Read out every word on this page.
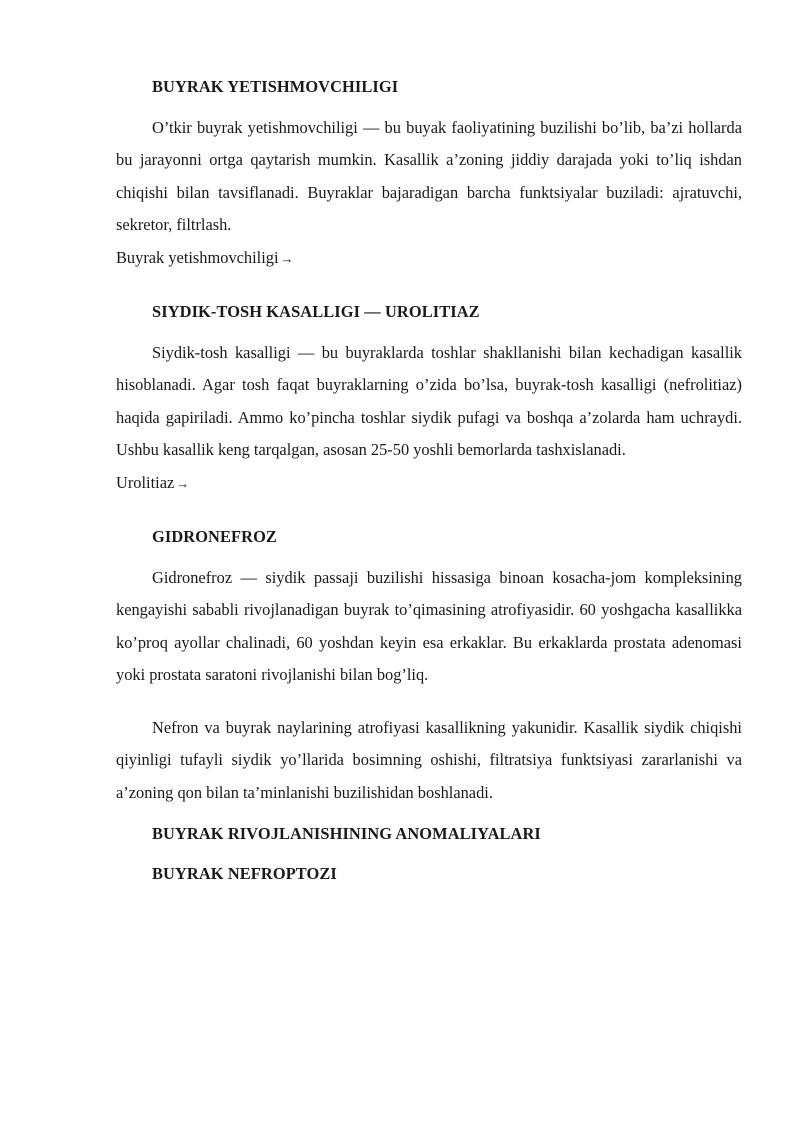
BUYRAK YETISHMOVCHILIGI

O’tkir buyrak yetishmovchiligi — bu buyak faoliyatining buzilishi bo’lib, ba’zi hollarda bu jarayonni ortga qaytarish mumkin. Kasallik a’zoning jiddiy darajada yoki to’liq ishdan chiqishi bilan tavsiflanadi. Buyraklar bajaradigan barcha funktsiyalar buziladi: ajratuvchi, sekretor, filtrlash.

Buyrak yetishmovchiligi →
SIYDIK-TOSH KASALLIGI — UROLITIAZ

Siydik-tosh kasalligi — bu buyraklarda toshlar shakllanishi bilan kechadigan kasallik hisoblanadi. Agar tosh faqat buyraklarning o’zida bo’lsa, buyrak-tosh kasalligi (nefrolitiaz) haqida gapiriladi. Ammo ko’pincha toshlar siydik pufagi va boshqa a’zolarda ham uchraydi. Ushbu kasallik keng tarqalgan, asosan 25-50 yoshli bemorlarda tashxislanadi.

Urolitiaz →
GIDRONEFROZ

Gidronefroz — siydik passaji buzilishi hissasiga binoan kosacha-jom kompleksining kengayishi sababli rivojlanadigan buyrak to’qimasining atrofiyasidir. 60 yoshgacha kasallikka ko’proq ayollar chalinadi, 60 yoshdan keyin esa erkaklar. Bu erkaklarda prostata adenomasi yoki prostata saratoni rivojlanishi bilan bog’liq.

Nefron va buyrak naylarining atrofiyasi kasallikning yakunidir. Kasallik siydik chiqishi qiyinligi tufayli siydik yo’llarida bosimning oshishi, filtratsiya funktsiyasi zararlanishi va a’zoning qon bilan ta’minlanishi buzilishidan boshlanadi.

BUYRAK RIVOJLANISHINING ANOMALIYALARI
BUYRAK NEFROPTOZI
